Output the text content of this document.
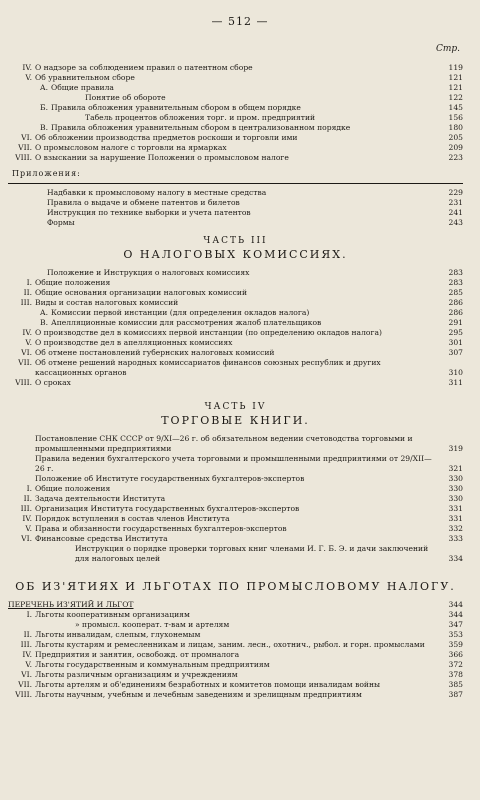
— 512 —
Стр.
IV. О надзоре за соблюдением правил о патентном сборе	119
V. Об уравнительном сборе	121
А. Общие правила	121
Понятие об обороте	122
Б. Правила обложения уравнительным сбором в общем порядке	145
Табель процентов обложения торг. и пром. предприятий	156
В. Правила обложения уравнительным сбором в централизованном порядке	180
VI. Об обложении производства предметов роскоши и торговли ими	205
VII. О промысловом налоге с торговли на ярмарках	209
VIII. О взыскании за нарушение Положения о промысловом налоге	223
Приложения:
Надбавки к промысловому налогу в местные средства	229
Правила о выдаче и обмене патентов и билетов	231
Инструкция по технике выборки и учета патентов	241
Формы	243
ЧАСТЬ III
О НАЛОГОВЫХ КОМИССИЯХ.
Положение и Инструкция о налоговых комиссиях	283
I. Общие положения	283
II. Общие основания организации налоговых комиссий	285
III. Виды и состав налоговых комиссий	286
А. Комиссии первой инстанции (для определения окладов налога)	286
В. Апелляционные комиссии для рассмотрения жалоб плательщиков	291
IV. О производстве дел в комиссиях первой инстанции (по определению окладов налога)	295
V. О производстве дел в апелляционных комиссиях	301
VI. Об отмене постановлений губернских налоговых комиссий	307
VII. Об отмене решений народных комиссариатов финансов союзных республик и других кассационных органов	310
VIII. О сроках	311
ЧАСТЬ IV
ТОРГОВЫЕ КНИГИ.
Постановление СНК СССР от 9/XI—26 г. об обязательном ведении счетоводства торговыми и промышленными предприятиями	319
Правила ведения бухгалтерского учета торговыми и промышленными предприятиями от 29/XII—26 г.	321
Положение об Институте государственных бухгалтеров-экспертов	330
I. Общие положения	330
II. Задача деятельности Института	330
III. Организация Института государственных бухгалтеров-экспертов	331
IV. Порядок вступления в состав членов Института	331
V. Права и обязанности государственных бухгалтеров-экспертов	332
VI. Финансовые средства Института	333
Инструкция о порядке проверки торговых книг членами И. Г. Б. Э. и дачи заключений для налоговых целей	334
ОБ ИЗ'ЯТИЯХ И ЛЬГОТАХ ПО ПРОМЫСЛОВОМУ НАЛОГУ.
ПЕРЕЧЕНЬ ИЗ'ЯТИЙ И ЛЬГОТ	344
I. Льготы кооперативным организациям	344
» промысл. кооперат. т-вам и артелям	347
II. Льготы инвалидам, слепым, глухонемым	353
III. Льготы кустарям и ремесленникам и лицам, заним. лесн., охотнич., рыбол. и горн. промыслами	359
IV. Предприятия и занятия, освобожд. от промналога	366
V. Льготы государственным и коммунальным предприятиям	372
VI. Льготы различным организациям и учреждениям	378
VII. Льготы артелям и об'единениям безработных и комитетов помощи инвалидам войны	385
VIII. Льготы научным, учебным и лечебным заведениям и зрелищным предприятиям	387
